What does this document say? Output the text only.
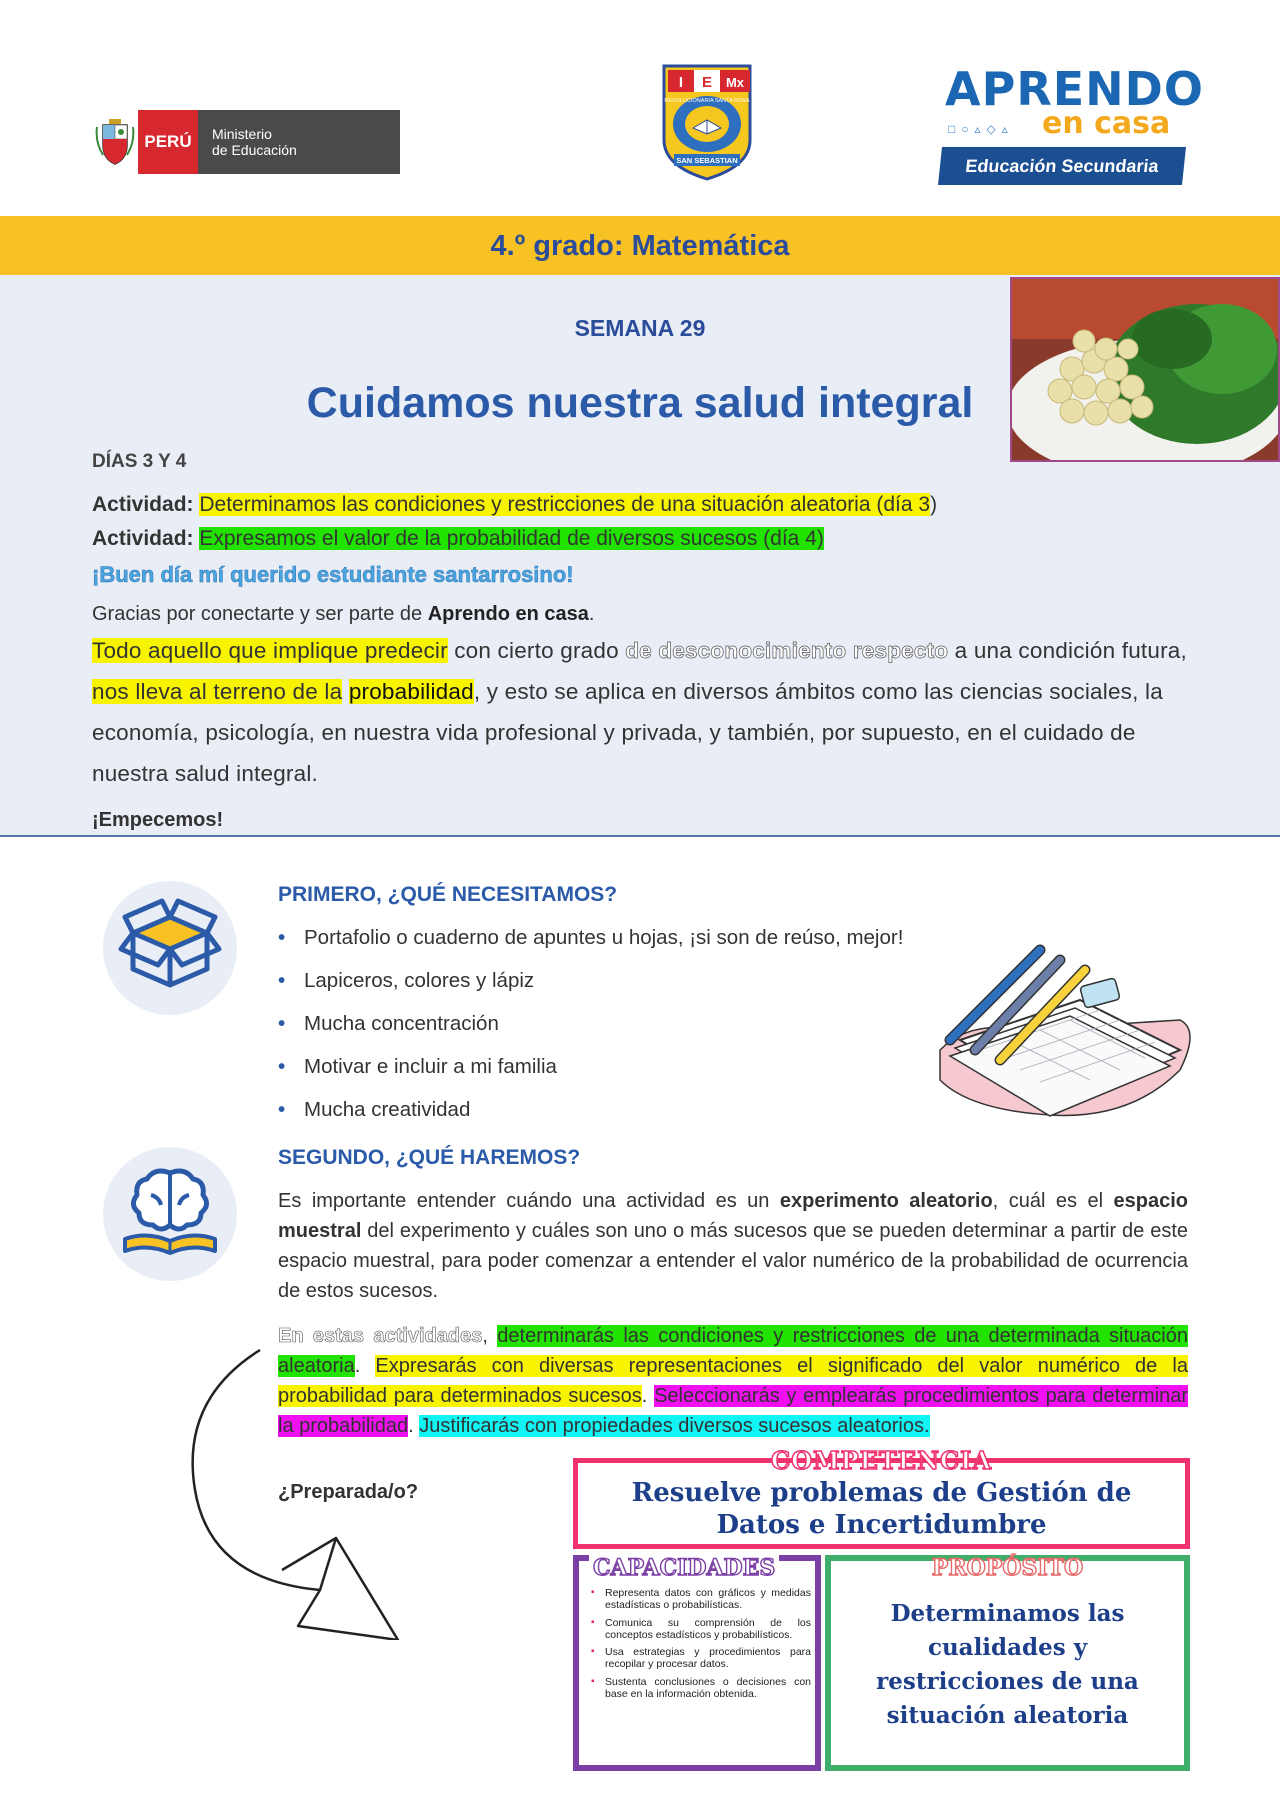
PERÚ	Ministerio
de Educación
I E Mx
REVOLUCIONARIA SANTA ROSA
SAN SEBASTIAN
APRENDO
□○▵◇▵ en casa
Educación Secundaria
4.º grado: Matemática
SEMANA 29
Cuidamos nuestra salud integral
DÍAS 3 Y 4
Actividad: Determinamos las condiciones y restricciones de una situación aleatoria (día 3)
Actividad: Expresamos el valor de la probabilidad de diversos sucesos (día 4)
¡Buen día mí querido estudiante santarrosino!
Gracias por conectarte y ser parte de Aprendo en casa.
Todo aquello que implique predecir con cierto grado de desconocimiento respecto a una condición futura, nos lleva al terreno de la probabilidad, y esto se aplica en diversos ámbitos como las ciencias sociales, la economía, psicología, en nuestra vida profesional y privada, y también, por supuesto, en el cuidado de nuestra salud integral.
¡Empecemos!
PRIMERO, ¿QUÉ NECESITAMOS?
• Portafolio o cuaderno de apuntes u hojas, ¡si son de reúso, mejor!
• Lapiceros, colores y lápiz
• Mucha concentración
• Motivar e incluir a mi familia
• Mucha creatividad
SEGUNDO, ¿QUÉ HAREMOS?
Es importante entender cuándo una actividad es un experimento aleatorio, cuál es el espacio muestral del experimento y cuáles son uno o más sucesos que se pueden determinar a partir de este espacio muestral, para poder comenzar a entender el valor numérico de la probabilidad de ocurrencia de estos sucesos.
En estas actividades, determinarás las condiciones y restricciones de una determinada situación aleatoria. Expresarás con diversas representaciones el significado del valor numérico de la probabilidad para determinados sucesos. Seleccionarás y emplearás procedimientos para determinar la probabilidad. Justificarás con propiedades diversos sucesos aleatorios.
¿Preparada/o?
COMPETENCIA
Resuelve problemas de Gestión de
Datos e Incertidumbre
CAPACIDADES
▪ Representa datos con gráficos y medidas estadísticas o probabilísticas.
▪ Comunica su comprensión de los conceptos estadísticos y probabilísticos.
▪ Usa estrategias y procedimientos para recopilar y procesar datos.
▪ Sustenta conclusiones o decisiones con base en la información obtenida.
PROPÓSITO
Determinamos las cualidades y restricciones de una situación aleatoria
